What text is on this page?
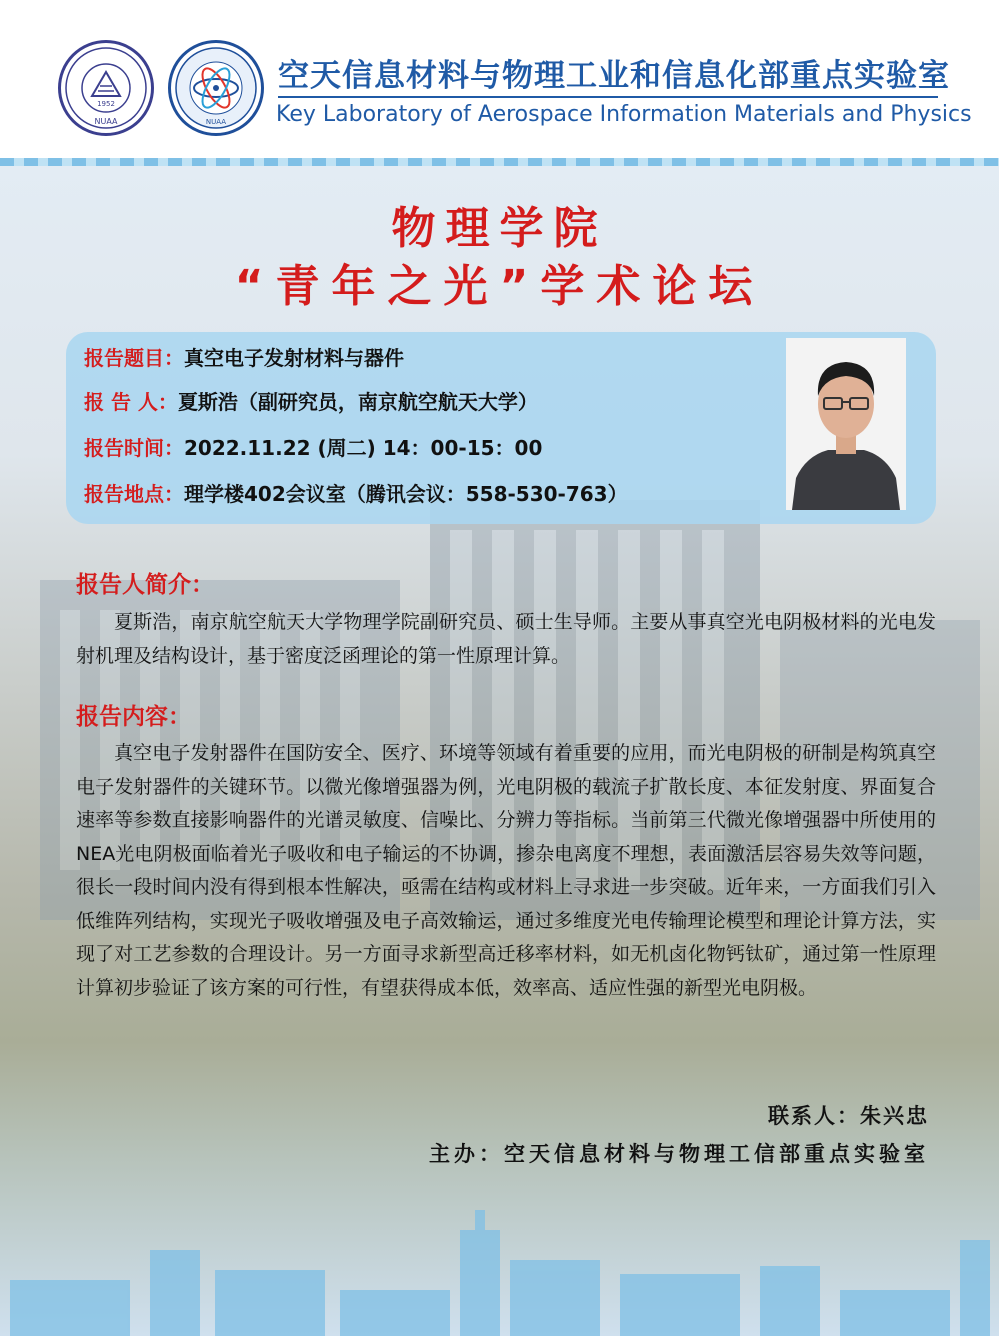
1952
NUAA	NUAA
空天信息材料与物理工业和信息化部重点实验室
Key Laboratory of Aerospace Information Materials and Physics
物理学院
“青年之光”学术论坛
报告题目：真空电子发射材料与器件
报 告 人：夏斯浩（副研究员，南京航空航天大学）
报告时间：2022.11.22 (周二) 14：00-15：00
报告地点：理学楼402会议室（腾讯会议：558-530-763）
报告人简介：
夏斯浩，南京航空航天大学物理学院副研究员、硕士生导师。主要从事真空光电阴极材料的光电发射机理及结构设计，基于密度泛函理论的第一性原理计算。
报告内容：
真空电子发射器件在国防安全、医疗、环境等领域有着重要的应用，而光电阴极的研制是构筑真空电子发射器件的关键环节。以微光像增强器为例，光电阴极的载流子扩散长度、本征发射度、界面复合速率等参数直接影响器件的光谱灵敏度、信噪比、分辨力等指标。当前第三代微光像增强器中所使用的NEA光电阴极面临着光子吸收和电子输运的不协调，掺杂电离度不理想，表面激活层容易失效等问题，很长一段时间内没有得到根本性解决，亟需在结构或材料上寻求进一步突破。近年来，一方面我们引入低维阵列结构，实现光子吸收增强及电子高效输运，通过多维度光电传输理论模型和理论计算方法，实现了对工艺参数的合理设计。另一方面寻求新型高迁移率材料，如无机卤化物钙钛矿，通过第一性原理计算初步验证了该方案的可行性，有望获得成本低，效率高、适应性强的新型光电阴极。
联系人：朱兴忠
主办：空天信息材料与物理工信部重点实验室
